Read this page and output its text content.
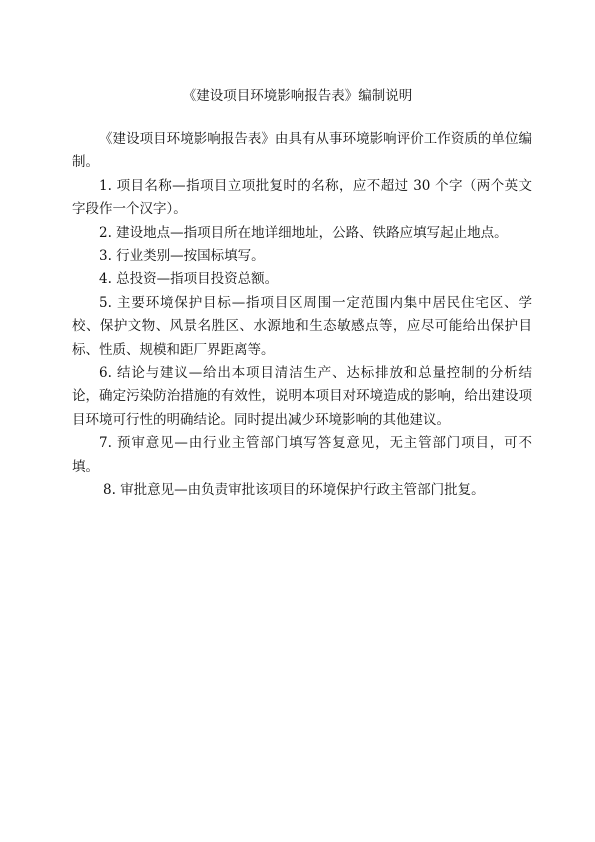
《建设项目环境影响报告表》编制说明

《建设项目环境影响报告表》由具有从事环境影响评价工作资质的单位编制。

1. 项目名称—指项目立项批复时的名称，应不超过 30 个字（两个英文字段作一个汉字）。

2. 建设地点—指项目所在地详细地址，公路、铁路应填写起止地点。

3. 行业类别—按国标填写。

4. 总投资—指项目投资总额。

5. 主要环境保护目标—指项目区周围一定范围内集中居民住宅区、学校、保护文物、风景名胜区、水源地和生态敏感点等，应尽可能给出保护目标、性质、规模和距厂界距离等。

6. 结论与建议—给出本项目清洁生产、达标排放和总量控制的分析结论，确定污染防治措施的有效性，说明本项目对环境造成的影响，给出建设项目环境可行性的明确结论。同时提出减少环境影响的其他建议。

7. 预审意见—由行业主管部门填写答复意见，无主管部门项目，可不填。

8. 审批意见—由负责审批该项目的环境保护行政主管部门批复。
